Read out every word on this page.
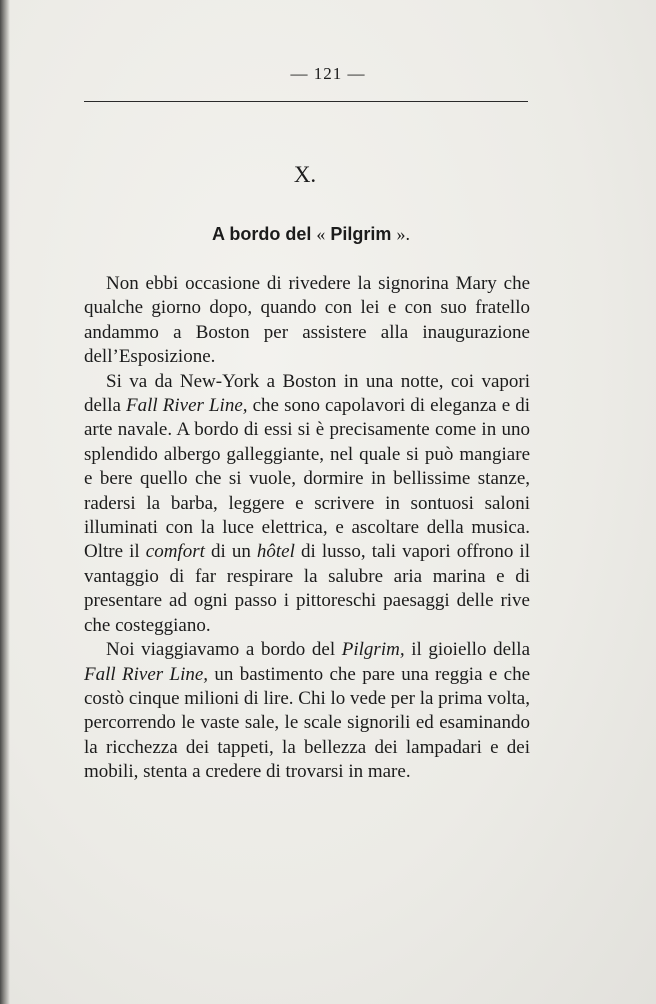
— 121 —
X.
A bordo del « Pilgrim ».

Non ebbi occasione di rivedere la signorina Mary che qualche giorno dopo, quando con lei e con suo fratello andammo a Boston per assistere alla inaugurazione dell’Esposizione.

Si va da New-York a Boston in una notte, coi vapori della Fall River Line, che sono capolavori di eleganza e di arte navale. A bordo di essi si è precisamente come in uno splendido albergo galleggiante, nel quale si può mangiare e bere quello che si vuole, dormire in bellissime stanze, radersi la barba, leggere e scrivere in sontuosi saloni illuminati con la luce elettrica, e ascoltare della musica. Oltre il comfort di un hôtel di lusso, tali vapori offrono il vantaggio di far respirare la salubre aria marina e di presentare ad ogni passo i pittoreschi paesaggi delle rive che costeggiano.

Noi viaggiavamo a bordo del Pilgrim, il gioiello della Fall River Line, un bastimento che pare una reggia e che costò cinque milioni di lire. Chi lo vede per la prima volta, percorrendo le vaste sale, le scale signorili ed esaminando la ricchezza dei tappeti, la bellezza dei lampadari e dei mobili, stenta a credere di trovarsi in mare.
